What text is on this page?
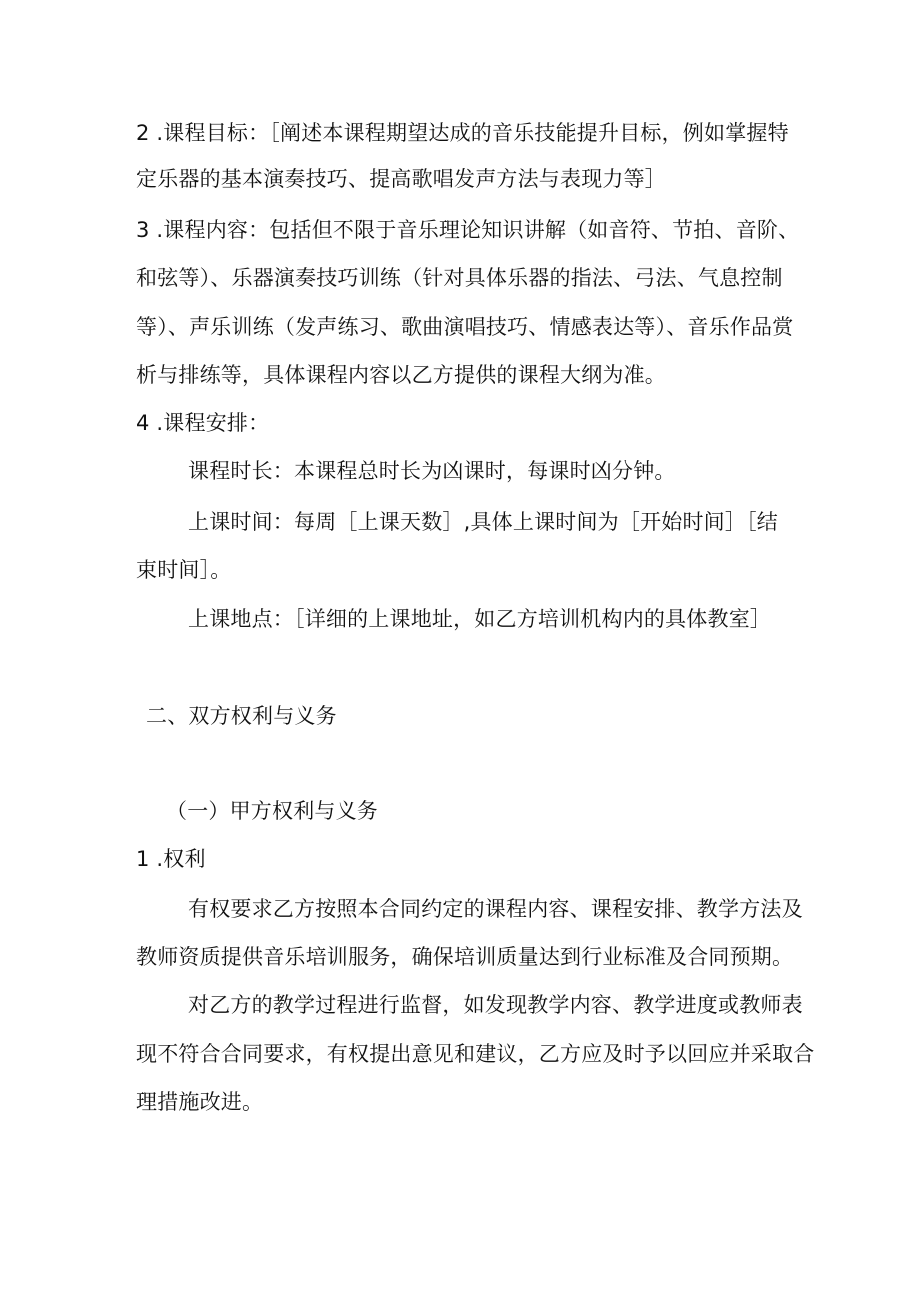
2 .课程目标：［阐述本课程期望达成的音乐技能提升目标，例如掌握特
定乐器的基本演奏技巧、提高歌唱发声方法与表现力等］
3 .课程内容：包括但不限于音乐理论知识讲解（如音符、节拍、音阶、
和弦等）、乐器演奏技巧训练（针对具体乐器的指法、弓法、气息控制
等）、声乐训练（发声练习、歌曲演唱技巧、情感表达等）、音乐作品赏
析与排练等，具体课程内容以乙方提供的课程大纲为准。
4 .课程安排：
课程时长：本课程总时长为凶课时，每课时凶分钟。
上课时间：每周［上课天数］,具体上课时间为［开始时间］［结
束时间］。
上课地点：［详细的上课地址，如乙方培训机构内的具体教室］
二、双方权利与义务
（一）甲方权利与义务
1 .权利
有权要求乙方按照本合同约定的课程内容、课程安排、教学方法及
教师资质提供音乐培训服务，确保培训质量达到行业标准及合同预期。
对乙方的教学过程进行监督，如发现教学内容、教学进度或教师表
现不符合合同要求，有权提出意见和建议，乙方应及时予以回应并采取合
理措施改进。
